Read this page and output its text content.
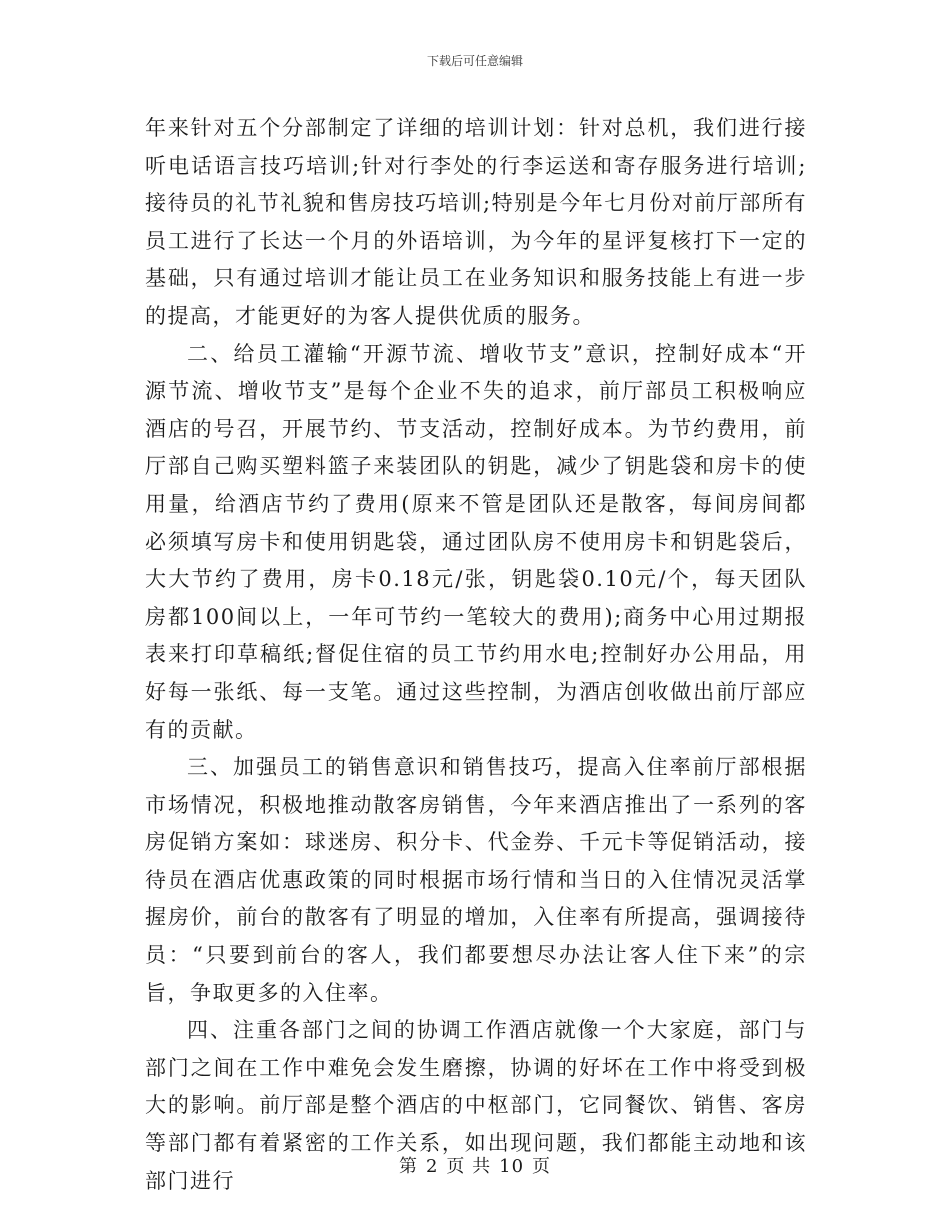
下载后可任意编辑

年来针对五个分部制定了详细的培训计划：针对总机，我们进行接听电话语言技巧培训;针对行李处的行李运送和寄存服务进行培训;接待员的礼节礼貌和售房技巧培训;特别是今年七月份对前厅部所有员工进行了长达一个月的外语培训，为今年的星评复核打下一定的基础，只有通过培训才能让员工在业务知识和服务技能上有进一步的提高，才能更好的为客人提供优质的服务。

二、给员工灌输“开源节流、增收节支”意识，控制好成本“开源节流、增收节支”是每个企业不失的追求，前厅部员工积极响应酒店的号召，开展节约、节支活动，控制好成本。为节约费用，前厅部自己购买塑料篮子来装团队的钥匙，减少了钥匙袋和房卡的使用量，给酒店节约了费用(原来不管是团队还是散客，每间房间都必须填写房卡和使用钥匙袋，通过团队房不使用房卡和钥匙袋后，大大节约了费用，房卡0.18元/张，钥匙袋0.10元/个，每天团队房都100间以上，一年可节约一笔较大的费用);商务中心用过期报表来打印草稿纸;督促住宿的员工节约用水电;控制好办公用品，用好每一张纸、每一支笔。通过这些控制，为酒店创收做出前厅部应有的贡献。

三、加强员工的销售意识和销售技巧，提高入住率前厅部根据市场情况，积极地推动散客房销售，今年来酒店推出了一系列的客房促销方案如：球迷房、积分卡、代金券、千元卡等促销活动，接待员在酒店优惠政策的同时根据市场行情和当日的入住情况灵活掌握房价，前台的散客有了明显的增加，入住率有所提高，强调接待员：“只要到前台的客人，我们都要想尽办法让客人住下来”的宗旨，争取更多的入住率。

四、注重各部门之间的协调工作酒店就像一个大家庭，部门与部门之间在工作中难免会发生磨擦，协调的好坏在工作中将受到极大的影响。前厅部是整个酒店的中枢部门，它同餐饮、销售、客房等部门都有着紧密的工作关系，如出现问题，我们都能主动地和该部门进行

第 2 页 共 10 页
